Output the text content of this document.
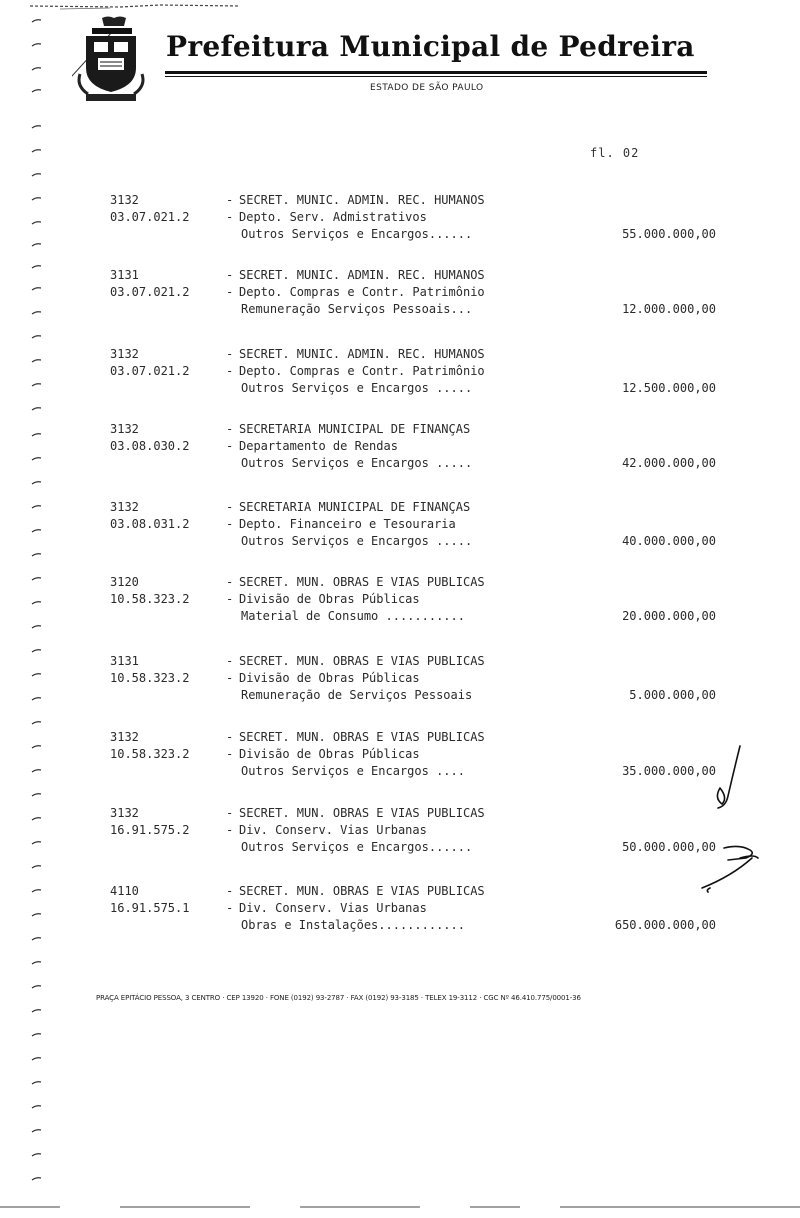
Prefeitura Municipal de Pedreira
ESTADO DE SÃO PAULO
fl. 02
3132	- SECRET. MUNIC. ADMIN. REC. HUMANOS
03.07.021.2	- Depto. Serv. Admistrativos
Outros Serviços e Encargos......	55.000.000,00
3131	- SECRET. MUNIC. ADMIN. REC. HUMANOS
03.07.021.2	- Depto. Compras e Contr. Patrimônio
Remuneração Serviços Pessoais...	12.000.000,00
3132	- SECRET. MUNIC. ADMIN. REC. HUMANOS
03.07.021.2	- Depto. Compras e Contr. Patrimônio
Outros Serviços e Encargos .....	12.500.000,00
3132	- SECRETARIA MUNICIPAL DE FINANÇAS
03.08.030.2	- Departamento de Rendas
Outros Serviços e Encargos .....	42.000.000,00
3132	- SECRETARIA MUNICIPAL DE FINANÇAS
03.08.031.2	- Depto. Financeiro e Tesouraria
Outros Serviços e Encargos .....	40.000.000,00
3120	- SECRET. MUN. OBRAS E VIAS PUBLICAS
10.58.323.2	- Divisão de Obras Públicas
Material de Consumo ...........	20.000.000,00
3131	- SECRET. MUN. OBRAS E VIAS PUBLICAS
10.58.323.2	- Divisão de Obras Públicas
Remuneração de Serviços Pessoais	5.000.000,00
3132	- SECRET. MUN. OBRAS E VIAS PUBLICAS
10.58.323.2	- Divisão de Obras Públicas
Outros Serviços e Encargos ....	35.000.000,00
3132	- SECRET. MUN. OBRAS E VIAS PUBLICAS
16.91.575.2	- Div. Conserv. Vias Urbanas
Outros Serviços e Encargos......	50.000.000,00
4110	- SECRET. MUN. OBRAS E VIAS PUBLICAS
16.91.575.1	- Div. Conserv. Vias Urbanas
Obras e Instalações............	650.000.000,00
PRAÇA EPITÁCIO PESSOA, 3 CENTRO · CEP 13920 · FONE (0192) 93-2787 · FAX (0192) 93-3185 · TELEX 19-3112 · CGC Nº 46.410.775/0001-36
